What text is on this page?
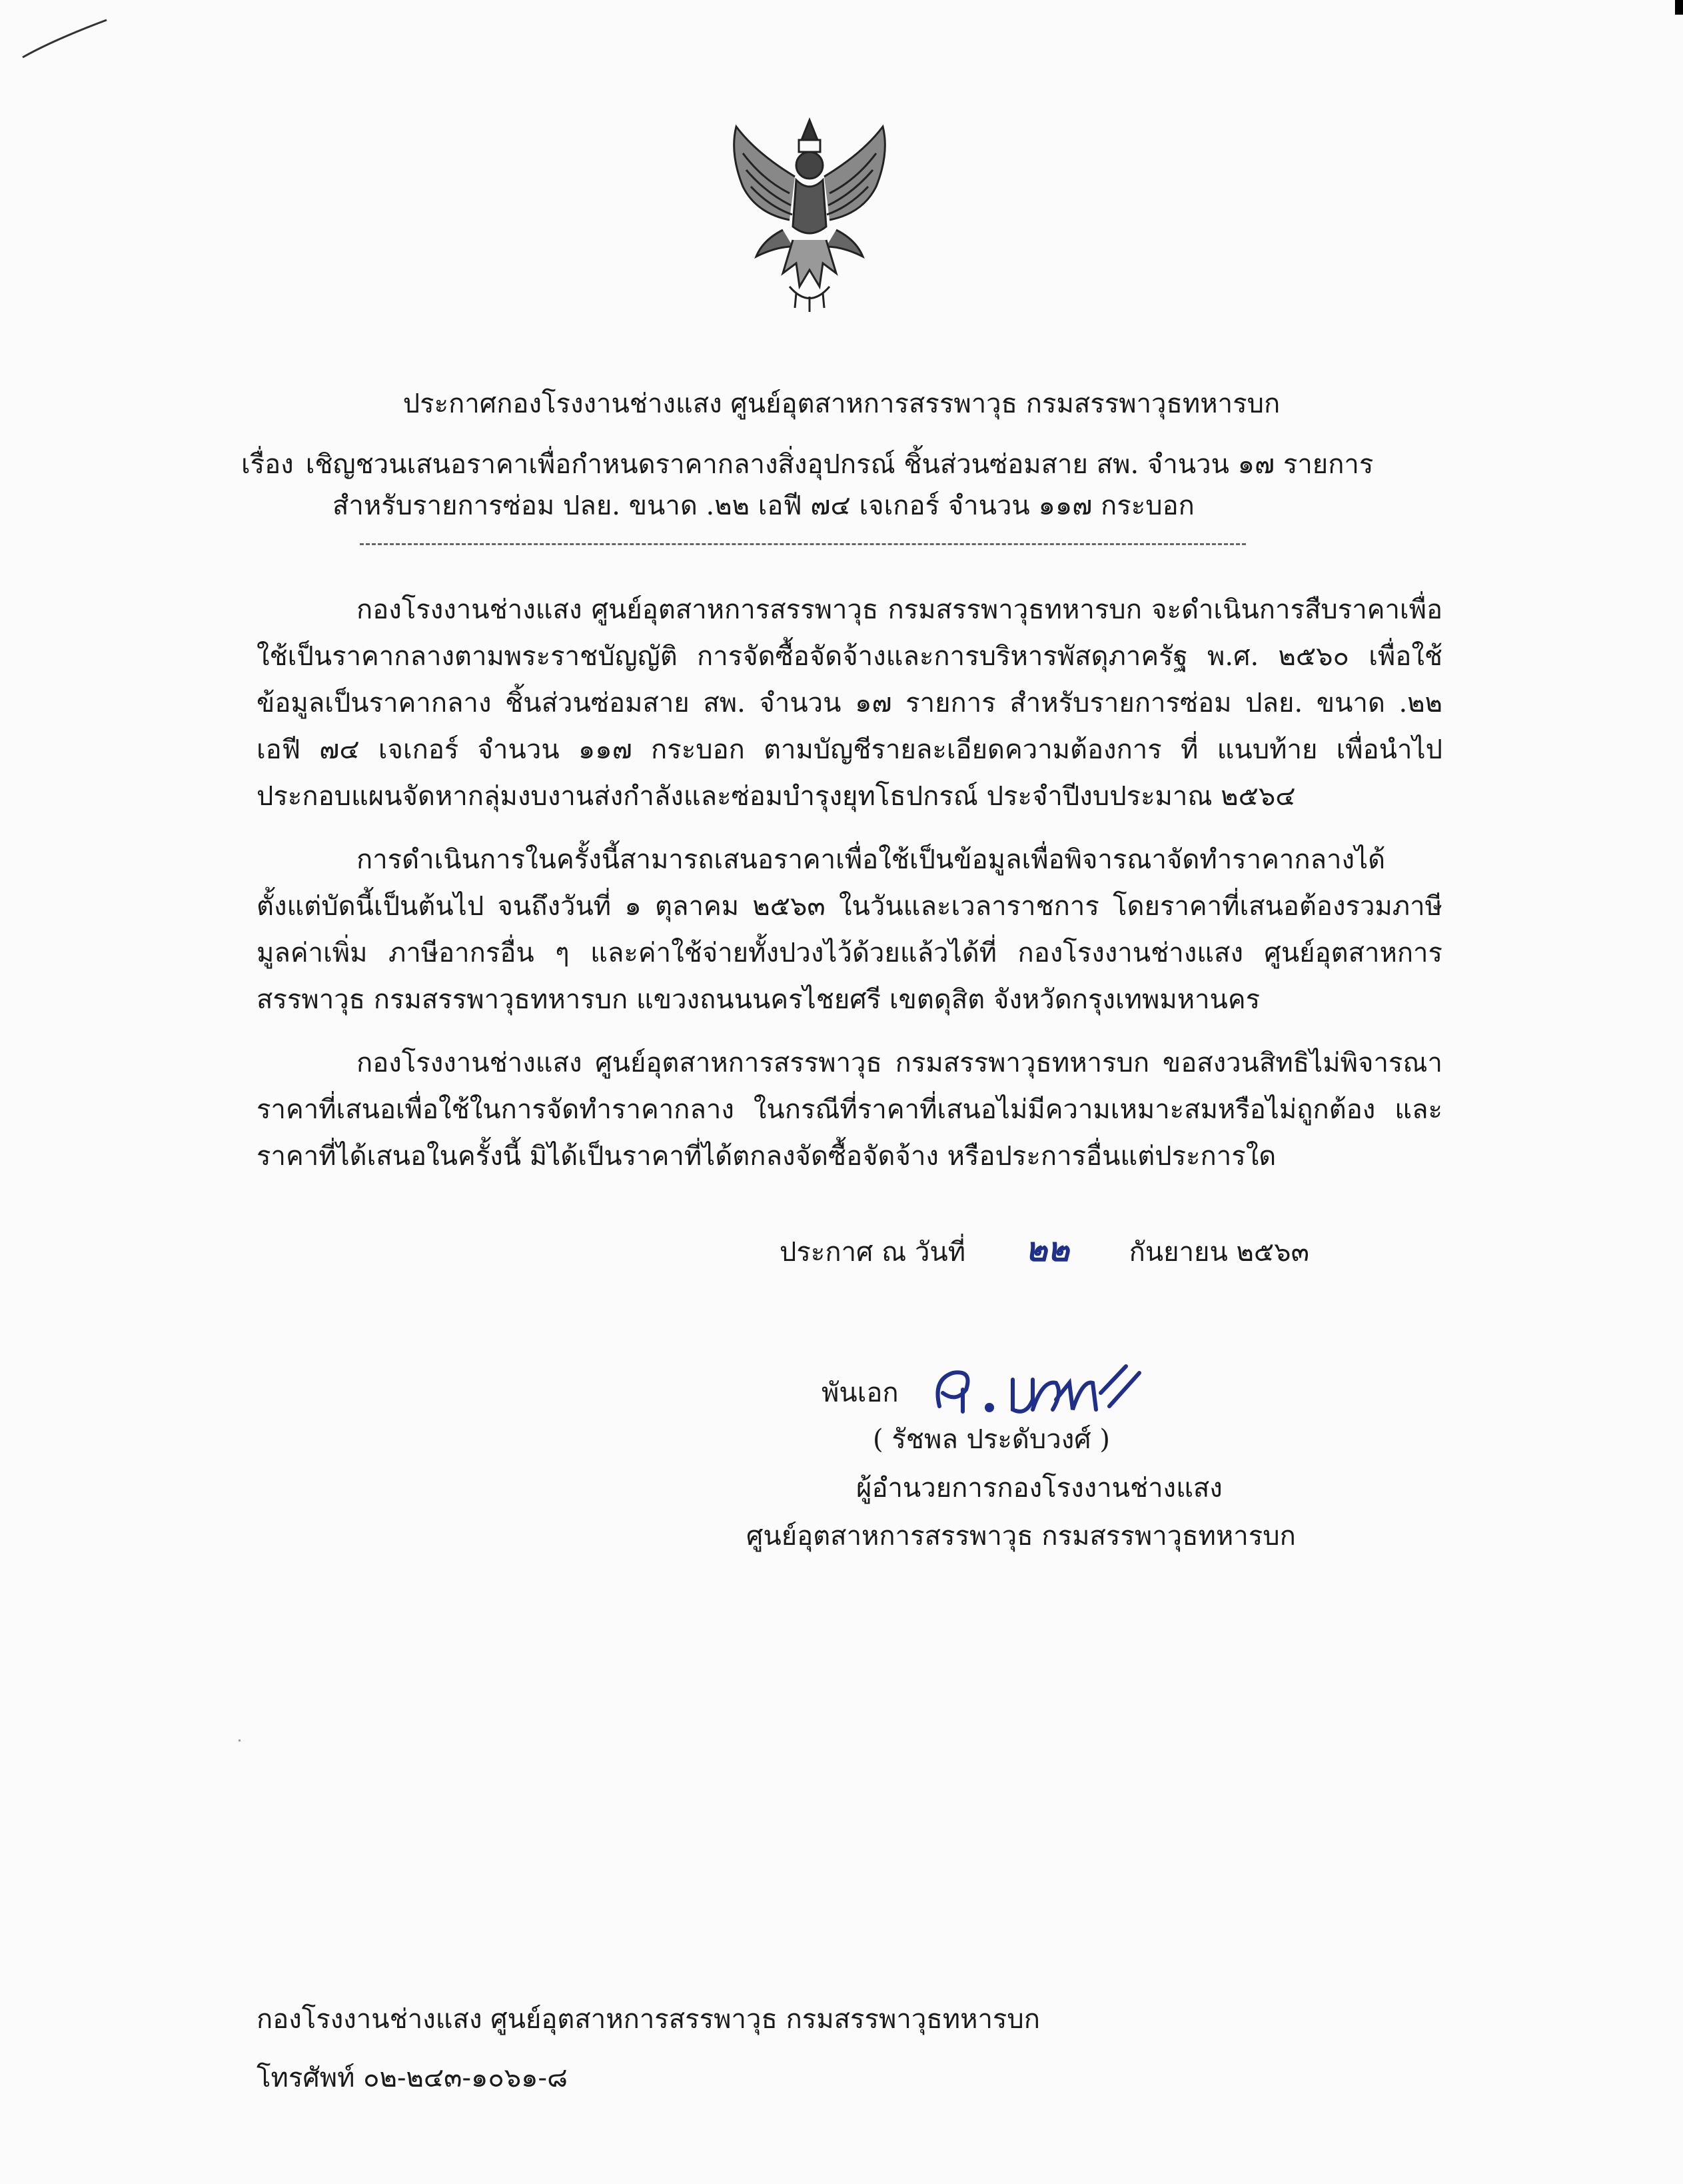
ประกาศกองโรงงานช่างแสง ศูนย์อุตสาหการสรรพาวุธ กรมสรรพาวุธทหารบก
เรื่อง เชิญชวนเสนอราคาเพื่อกำหนดราคากลางสิ่งอุปกรณ์ ชิ้นส่วนซ่อมสาย สพ. จำนวน ๑๗ รายการ
สำหรับรายการซ่อม ปลย. ขนาด .๒๒ เอฟี ๗๔ เจเกอร์ จำนวน ๑๑๗ กระบอก

กองโรงงานช่างแสง ศูนย์อุตสาหการสรรพาวุธ กรมสรรพาวุธทหารบก จะดำเนินการสืบราคาเพื่อใช้เป็นราคากลางตามพระราชบัญญัติ การจัดซื้อจัดจ้างและการบริหารพัสดุภาครัฐ พ.ศ. ๒๕๖๐ เพื่อใช้ข้อมูลเป็นราคากลาง ชิ้นส่วนซ่อมสาย สพ. จำนวน ๑๗ รายการ สำหรับรายการซ่อม ปลย. ขนาด .๒๒ เอฟี ๗๔ เจเกอร์ จำนวน ๑๑๗ กระบอก ตามบัญชีรายละเอียดความต้องการ ที่ แนบท้าย เพื่อนำไปประกอบแผนจัดหากลุ่มงบงานส่งกำลังและซ่อมบำรุงยุทโธปกรณ์ ประจำปีงบประมาณ ๒๕๖๔

การดำเนินการในครั้งนี้สามารถเสนอราคาเพื่อใช้เป็นข้อมูลเพื่อพิจารณาจัดทำราคากลางได้ตั้งแต่บัดนี้เป็นต้นไป จนถึงวันที่ ๑ ตุลาคม ๒๕๖๓ ในวันและเวลาราชการ โดยราคาที่เสนอต้องรวมภาษีมูลค่าเพิ่ม ภาษีอากรอื่น ๆ และค่าใช้จ่ายทั้งปวงไว้ด้วยแล้วได้ที่ กองโรงงานช่างแสง ศูนย์อุตสาหการสรรพาวุธ กรมสรรพาวุธทหารบก แขวงถนนนครไชยศรี เขตดุสิต จังหวัดกรุงเทพมหานคร

กองโรงงานช่างแสง ศูนย์อุตสาหการสรรพาวุธ กรมสรรพาวุธทหารบก ขอสงวนสิทธิไม่พิจารณาราคาที่เสนอเพื่อใช้ในการจัดทำราคากลาง ในกรณีที่ราคาที่เสนอไม่มีความเหมาะสมหรือไม่ถูกต้อง และราคาที่ได้เสนอในครั้งนี้ มิได้เป็นราคาที่ได้ตกลงจัดซื้อจัดจ้าง หรือประการอื่นแต่ประการใด

ประกาศ ณ วันที่ ๒๒ กันยายน ๒๕๖๓
พันเอก
( รัชพล ประดับวงศ์ )
ผู้อำนวยการกองโรงงานช่างแสง
ศูนย์อุตสาหการสรรพาวุธ กรมสรรพาวุธทหารบก
กองโรงงานช่างแสง ศูนย์อุตสาหการสรรพาวุธ กรมสรรพาวุธทหารบก
โทรศัพท์ ๐๒-๒๔๓-๑๐๖๑-๘
